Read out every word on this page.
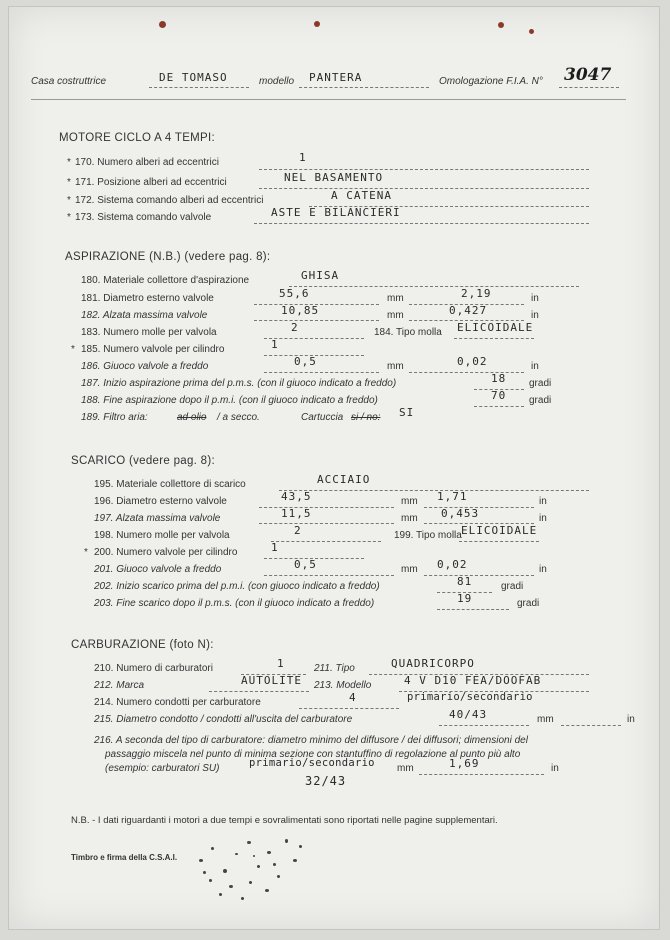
Casa costruttrice	DE TOMASO	modello PANTERA	Omologazione F.I.A. N° 3047
MOTORE CICLO A 4 TEMPI:
* 170. Numero alberi ad eccentrici	1
* 171. Posizione alberi ad eccentrici	NEL BASAMENTO
* 172. Sistema comando alberi ad eccentrici	A CATENA
* 173. Sistema comando valvole	ASTE E BILANCIERI
ASPIRAZIONE (N.B.) (vedere pag. 8):
180. Materiale collettore d'aspirazione	GHISA
181. Diametro esterno valvole	55,6	mm	2,19	in
182. Alzata massima valvole	10,85	mm	0,427	in
183. Numero molle per valvola	2	184. Tipo molla ELICOIDALE
* 185. Numero valvole per cilindro	1
186. Giuoco valvole a freddo	0,5	mm	0,02	in
187. Inizio aspirazione prima del p.m.s. (con il giuoco indicato a freddo)	18 gradi
188. Fine aspirazione dopo il p.m.i. (con il giuoco indicato a freddo)	70 gradi
189. Filtro aria:	ad olio / a secco.	Cartuccia si / no: SI
SCARICO (vedere pag. 8):
195. Materiale collettore di scarico	ACCIAIO
196. Diametro esterno valvole	43,5	mm 1,71	in
197. Alzata massima valvole	11,5	mm 0,453	in
198. Numero molle per valvola	2	199. Tipo molla ELICOIDALE
* 200. Numero valvole per cilindro	1
201. Giuoco valvole a freddo	0,5	mm 0,02	in
202. Inizio scarico prima del p.m.i. (con giuoco indicato a freddo)	81	gradi
203. Fine scarico dopo il p.m.s. (con il giuoco indicato a freddo)	19	gradi
CARBURAZIONE (foto N):
210. Numero di carburatori	1	211. Tipo	QUADRICORPO
212. Marca	AUTOLITE 213. Modello	4 V D10 FEA/DOOFAB
214. Numero condotti per carburatore	4	primario/secondario
215. Diametro condotto / condotti all'uscita del carburatore	40/43	mm	in
216. A seconda del tipo di carburatore: diametro minimo del diffusore / dei diffusori; dimensioni del
passaggio miscela nel punto di minima sezione con stantuffino di regolazione al punto più alto
(esempio: carburatori SU)	primario/secondario mm	1,69	in
32/43
N.B. - I dati riguardanti i motori a due tempi e sovralimentati sono riportati nelle pagine supplementari.
Timbro e firma della C.S.A.I.
